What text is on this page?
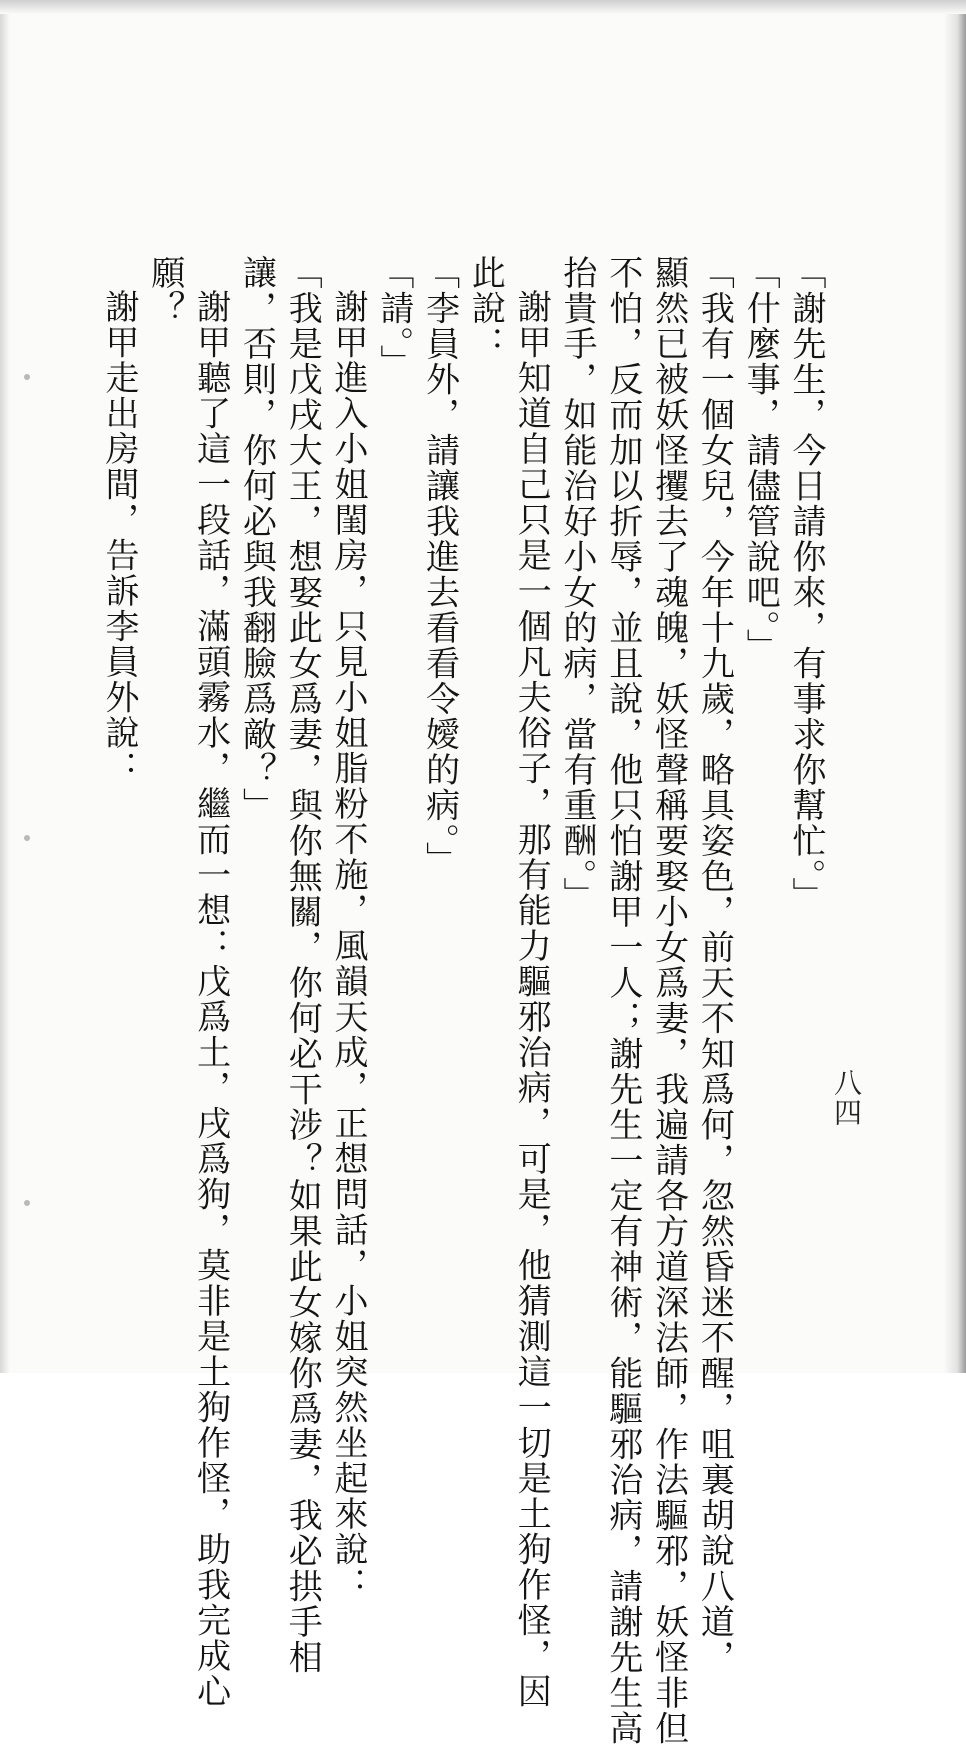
八四
「謝先生，今日請你來，有事求你幫忙。」
「什麼事，請儘管說吧。」
「我有一個女兒，今年十九歲，略具姿色，前天不知爲何，忽然昏迷不醒，咀裏胡說八道，
顯然已被妖怪攫去了魂魄，妖怪聲稱要娶小女爲妻，我遍請各方道深法師，作法驅邪，妖怪非但
不怕，反而加以折辱，並且說，他只怕謝甲一人；謝先生一定有神術，能驅邪治病，請謝先生高
抬貴手，如能治好小女的病，當有重酬。」
謝甲知道自己只是一個凡夫俗子，那有能力驅邪治病，可是，他猜測這一切是土狗作怪，因
此說：
「李員外，請讓我進去看看令嬡的病。」
「請。」
謝甲進入小姐閨房，只見小姐脂粉不施，風韻天成，正想問話，小姐突然坐起來說：
「我是戊戌大王，想娶此女爲妻，與你無關，你何必干涉？如果此女嫁你爲妻，我必拱手相
讓，否則，你何必與我翻臉爲敵？」
謝甲聽了這一段話，滿頭霧水，繼而一想：戊爲土，戌爲狗，莫非是土狗作怪，助我完成心
願？
謝甲走出房間，告訴李員外說：
